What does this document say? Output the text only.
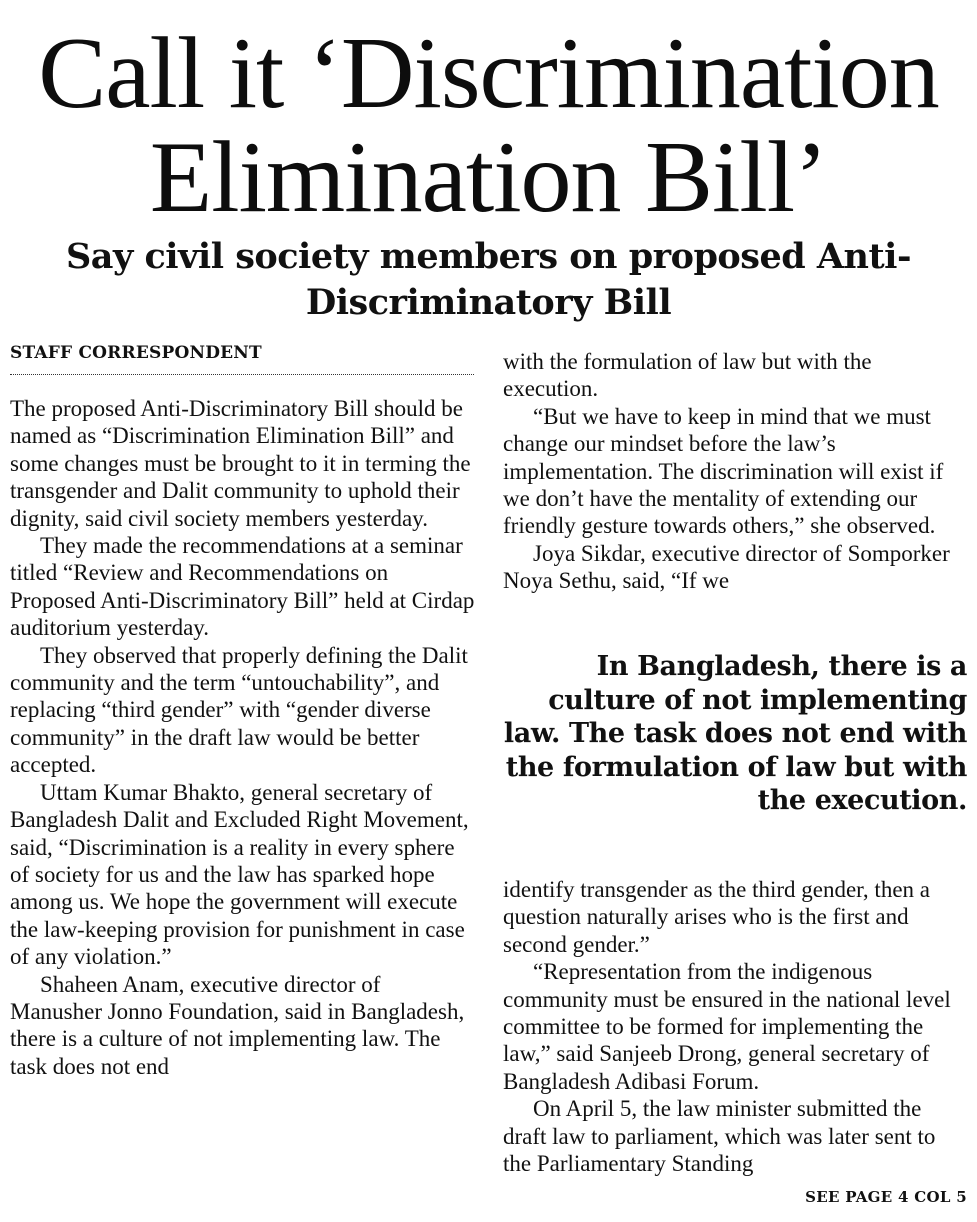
Call it ‘Discrimination Elimination Bill’
Say civil society members on proposed Anti-Discriminatory Bill
STAFF CORRESPONDENT

The proposed Anti-Discriminatory Bill should be named as “Discrimination Elimination Bill” and some changes must be brought to it in terming the transgender and Dalit community to uphold their dignity, said civil society members yesterday.

They made the recommendations at a seminar titled “Review and Recommendations on Proposed Anti-Discriminatory Bill” held at Cirdap auditorium yesterday.

They observed that properly defining the Dalit community and the term “untouchability”, and replacing “third gender” with “gender diverse community” in the draft law would be better accepted.

Uttam Kumar Bhakto, general secretary of Bangladesh Dalit and Excluded Right Movement, said, “Discrimination is a reality in every sphere of society for us and the law has sparked hope among us. We hope the government will execute the law-keeping provision for punishment in case of any violation.”

Shaheen Anam, executive director of Manusher Jonno Foundation, said in Bangladesh, there is a culture of not implementing law. The task does not end

with the formulation of law but with the execution.

“But we have to keep in mind that we must change our mindset before the law’s implementation. The discrimination will exist if we don’t have the mentality of extending our friendly gesture towards others,” she observed.

Joya Sikdar, executive director of Somporker Noya Sethu, said, “If we

In Bangladesh, there is a culture of not implementing law. The task does not end with the formulation of law but with the execution.

identify transgender as the third gender, then a question naturally arises who is the first and second gender.”

“Representation from the indigenous community must be ensured in the national level committee to be formed for implementing the law,” said Sanjeeb Drong, general secretary of Bangladesh Adibasi Forum.

On April 5, the law minister submitted the draft law to parliament, which was later sent to the Parliamentary Standing

SEE PAGE 4 COL 5
